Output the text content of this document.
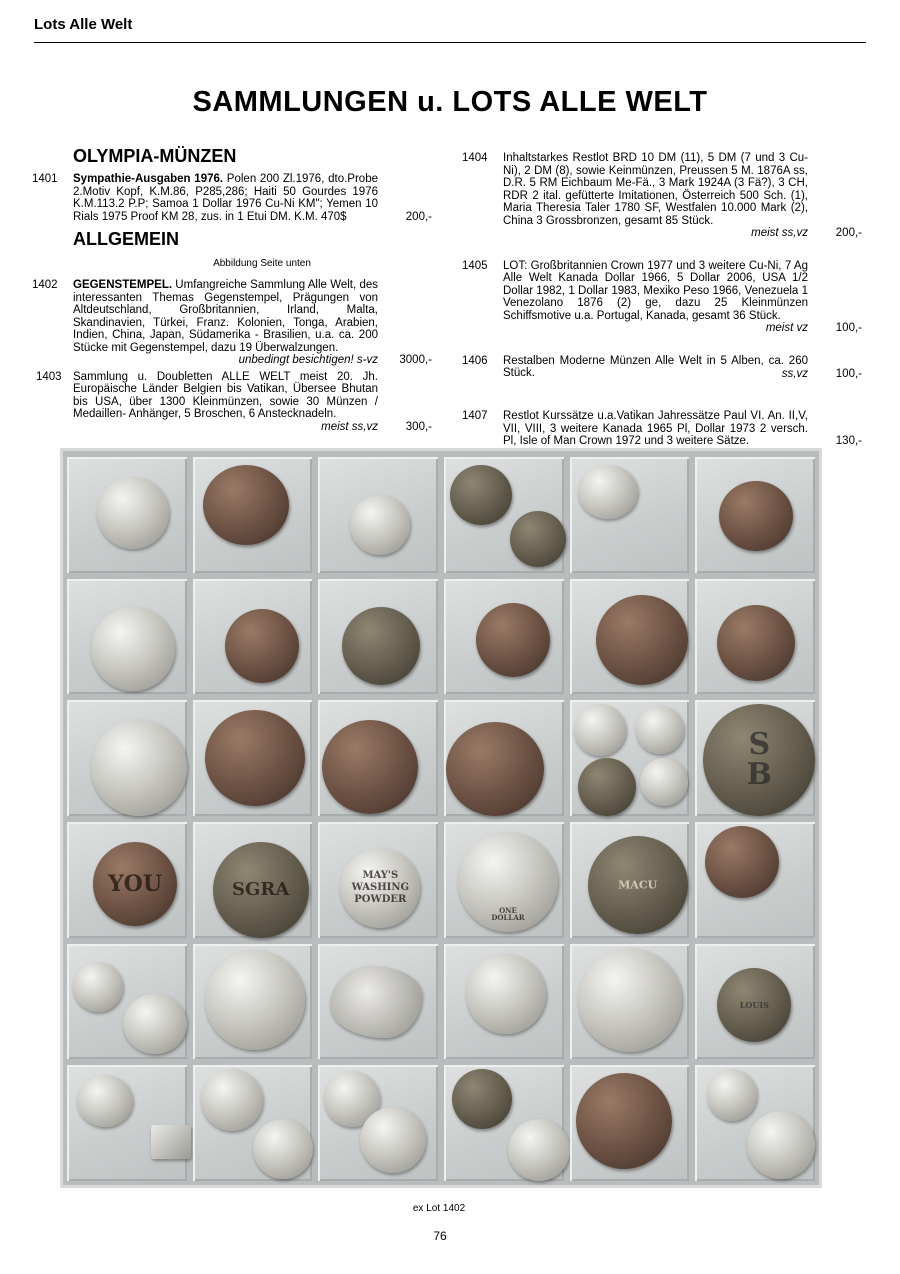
Lots Alle Welt
SAMMLUNGEN u. LOTS ALLE WELT
OLYMPIA-MÜNZEN
1401	Sympathie-Ausgaben 1976. Polen 200 Zl.1976, dto.Probe 2.Motiv Kopf, K.M.86, P285,286; Haiti 50 Gourdes 1976 K.M.113.2 P.P; Samoa 1 Dollar 1976 Cu-Ni KM"; Yemen 10 Rials 1975 Proof KM 28, zus. in 1 Etui DM. K.M. 470$	200,-
ALLGEMEIN
Abbildung Seite unten
1402	GEGENSTEMPEL. Umfangreiche Sammlung Alle Welt, des interessanten Themas Gegenstempel, Prägungen von Altdeutschland, Großbritannien, Irland, Malta, Skandinavien, Türkei, Franz. Kolonien, Tonga, Arabien, Indien, China, Japan, Südamerika - Brasilien, u.a. ca. 200 Stücke mit Gegenstempel, dazu 19 Überwalzungen.
unbedingt besichtigen! s-vz	3000,-
1403 Sammlung u. Doubletten ALLE WELT meist 20. Jh. Europäische Länder Belgien bis Vatikan, Übersee Bhutan bis USA, über 1300 Kleinmünzen, sowie 30 Münzen / Medaillen- Anhänger, 5 Broschen, 6 Anstecknadeln.
meist ss,vz	300,-
1404	Inhaltstarkes Restlot BRD 10 DM (11), 5 DM (7 und 3 Cu-Ni), 2 DM (8), sowie Keinmünzen, Preussen 5 M. 1876A ss, D.R. 5 RM Eichbaum Me-Fä., 3 Mark 1924A (3 Fä?), 3 CH, RDR 2 ital. gefütterte Imitationen, Österreich 500 Sch. (1), Maria Theresia Taler 1780 SF, Westfalen 10.000 Mark (2), China 3 Grossbronzen, gesamt 85 Stück.
meist ss,vz	200,-
1405	LOT: Großbritannien Crown 1977 und 3 weitere Cu-Ni, 7 Ag Alle Welt Kanada Dollar 1966, 5 Dollar 2006, USA 1/2 Dollar 1982, 1 Dollar 1983, Mexiko Peso 1966, Venezuela 1 Venezolano 1876 (2) ge, dazu 25 Kleinmünzen Schiffsmotive u.a. Portugal, Kanada, gesamt 36 Stück.
meist vz	100,-
1406	Restalben Moderne Münzen Alle Welt in 5 Alben, ca. 260 Stück.	ss,vz	100,-
1407	Restlot Kurssätze u.a.Vatikan Jahressätze Paul VI. An. II,V, VII, VIII, 3 weitere Kanada 1965 Pl, Dollar 1973 2 versch. Pl, Isle of Man Crown 1972 und 3 weitere Sätze.	130,-
S B
YOU	SGRA
MAY'S
WASHING
POWDER
ONE DOLLAR
MACU
LOUIS
ex Lot 1402
76
